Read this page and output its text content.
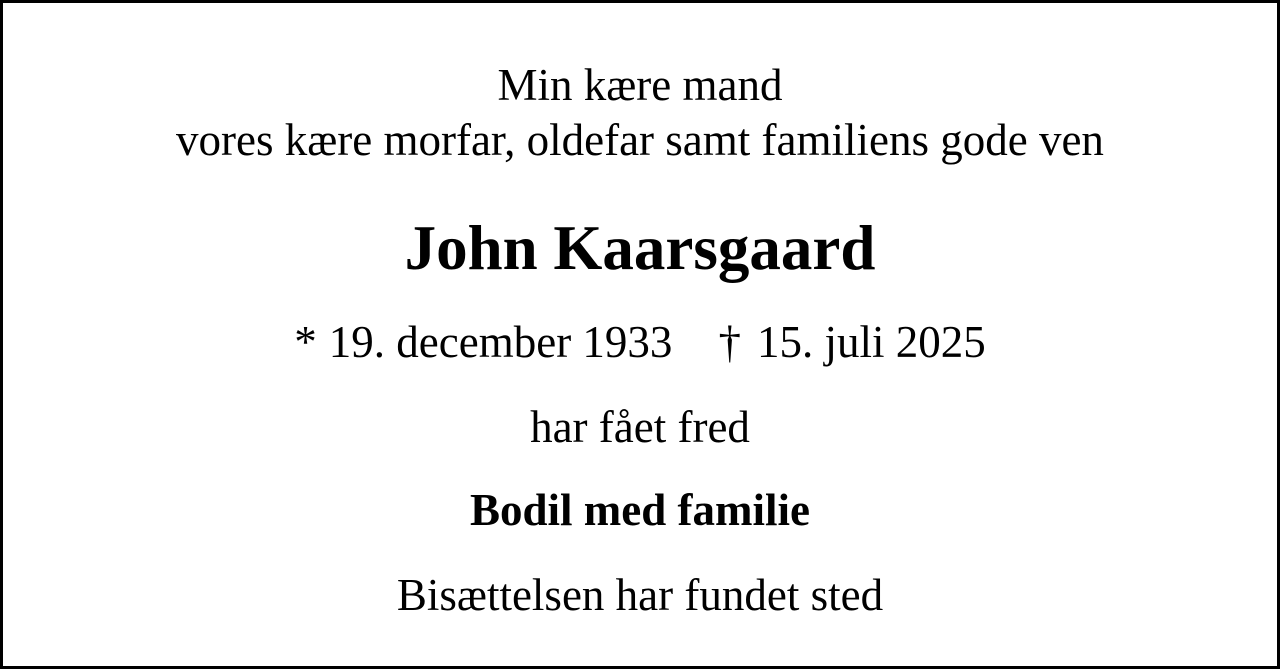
Min kære mand
vores kære morfar, oldefar samt familiens gode ven
John Kaarsgaard
* 19. december 1933 † 15. juli 2025
har fået fred
Bodil med familie
Bisættelsen har fundet sted
